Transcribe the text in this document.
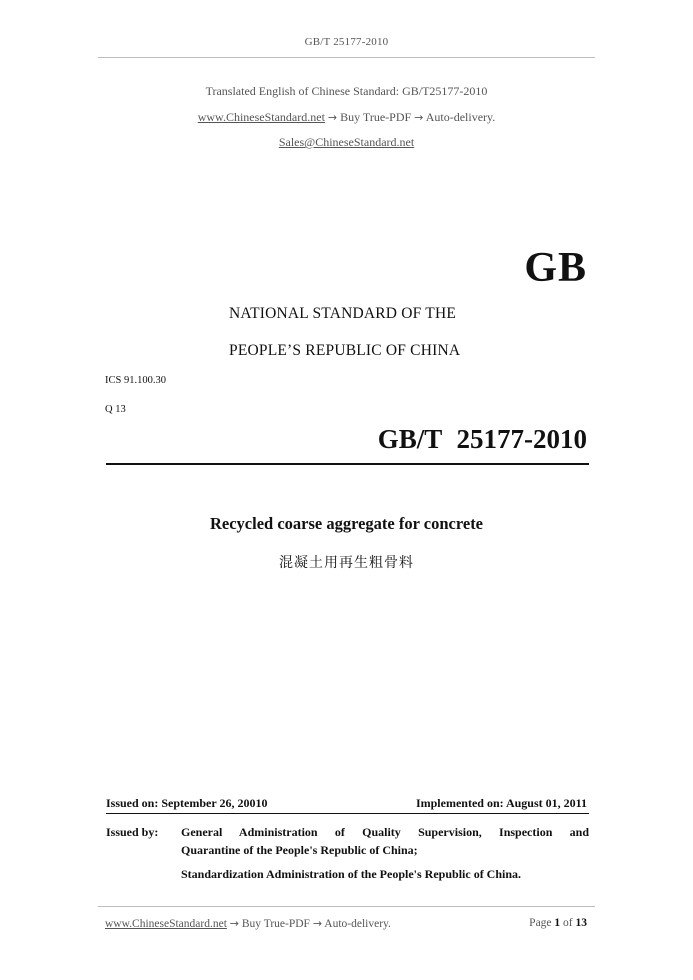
GB/T 25177-2010
Translated English of Chinese Standard: GB/T25177-2010
www.ChineseStandard.net → Buy True-PDF → Auto-delivery.
Sales@ChineseStandard.net
GB
NATIONAL STANDARD OF THE
PEOPLE’S REPUBLIC OF CHINA
ICS 91.100.30
Q 13
GB/T 25177-2010
Recycled coarse aggregate for concrete
混凝土用再生粗骨料
Issued on: September 26, 20010	Implemented on: August 01, 2011
Issued by:	General Administration of Quality Supervision, Inspection and
Quarantine of the People's Republic of China;
Standardization Administration of the People's Republic of China.
www.ChineseStandard.net → Buy True-PDF → Auto-delivery.	Page 1 of 13
